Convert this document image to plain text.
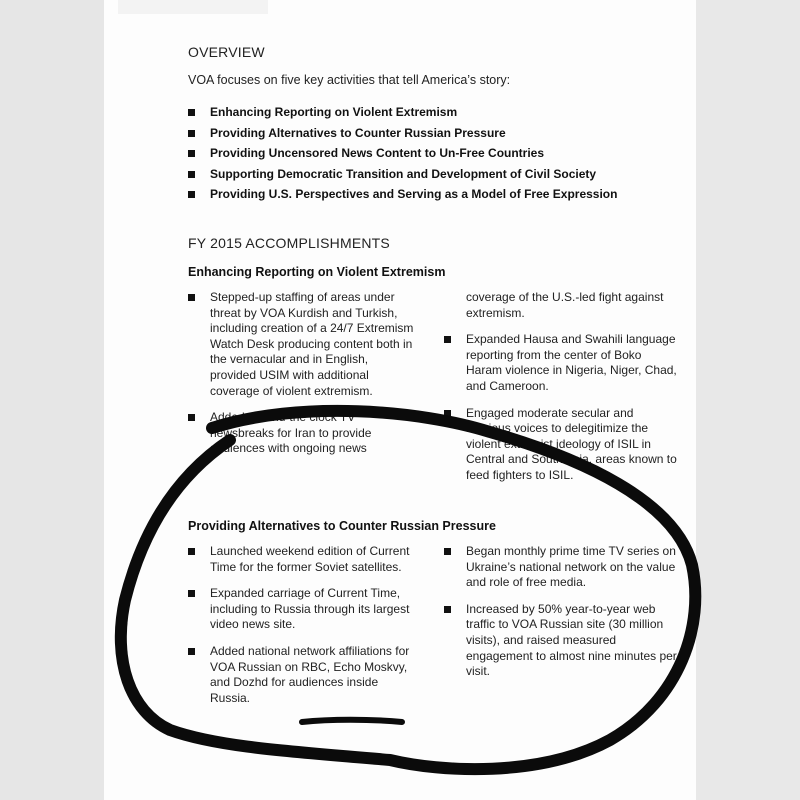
OVERVIEW

VOA focuses on five key activities that tell America’s story:

Enhancing Reporting on Violent Extremism
Providing Alternatives to Counter Russian Pressure
Providing Uncensored News Content to Un-Free Countries
Supporting Democratic Transition and Development of Civil Society
Providing U.S. Perspectives and Serving as a Model of Free Expression
FY 2015 ACCOMPLISHMENTS
Enhancing Reporting on Violent Extremism
Stepped-up staffing of areas under threat by VOA Kurdish and Turkish, including creation of a 24/7 Extremism Watch Desk producing content both in the vernacular and in English, provided USIM with additional coverage of violent extremism.
Added around-the clock TV newsbreaks for Iran to provide audiences with ongoing news
coverage of the U.S.-led fight against extremism.
Expanded Hausa and Swahili language reporting from the center of Boko Haram violence in Nigeria, Niger, Chad, and Cameroon.
Engaged moderate secular and religious voices to delegitimize the violent extremist ideology of ISIL in Central and South Asia, areas known to feed fighters to ISIL.
Providing Alternatives to Counter Russian Pressure
Launched weekend edition of Current Time for the former Soviet satellites.
Expanded carriage of Current Time, including to Russia through its largest video news site.
Added national network affiliations for VOA Russian on RBC, Echo Moskvy, and Dozhd for audiences inside Russia.
Began monthly prime time TV series on Ukraine’s national network on the value and role of free media.
Increased by 50% year-to-year web traffic to VOA Russian site (30 million visits), and raised measured engagement to almost nine minutes per visit.
